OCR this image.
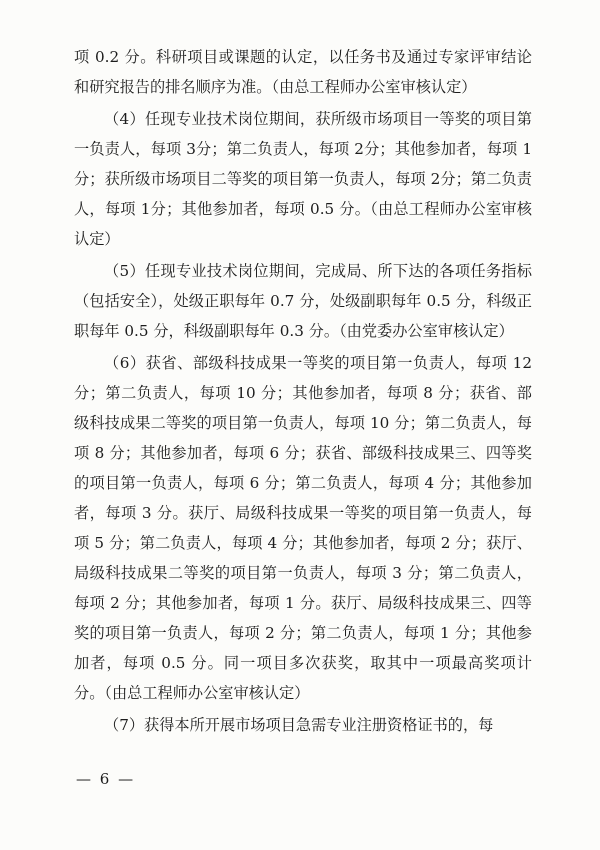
项 0.2 分。科研项目或课题的认定，以任务书及通过专家评审结论和研究报告的排名顺序为准。（由总工程师办公室审核认定）

（4）任现专业技术岗位期间，获所级市场项目一等奖的项目第一负责人，每项 3分；第二负责人，每项 2分；其他参加者，每项 1分；获所级市场项目二等奖的项目第一负责人，每项 2分；第二负责人，每项 1分；其他参加者，每项 0.5 分。（由总工程师办公室审核认定）

（5）任现专业技术岗位期间，完成局、所下达的各项任务指标（包括安全），处级正职每年 0.7 分，处级副职每年 0.5 分，科级正职每年 0.5 分，科级副职每年 0.3 分。（由党委办公室审核认定）

（6）获省、部级科技成果一等奖的项目第一负责人，每项 12 分；第二负责人，每项 10 分；其他参加者，每项 8 分；获省、部级科技成果二等奖的项目第一负责人，每项 10 分；第二负责人，每项 8 分；其他参加者，每项 6 分；获省、部级科技成果三、四等奖的项目第一负责人，每项 6 分；第二负责人，每项 4 分；其他参加者，每项 3 分。获厅、局级科技成果一等奖的项目第一负责人，每项 5 分；第二负责人，每项 4 分；其他参加者，每项 2 分；获厅、局级科技成果二等奖的项目第一负责人，每项 3 分；第二负责人，每项 2 分；其他参加者，每项 1 分。获厅、局级科技成果三、四等奖的项目第一负责人，每项 2 分；第二负责人，每项 1 分；其他参加者，每项 0.5 分。同一项目多次获奖，取其中一项最高奖项计分。（由总工程师办公室审核认定）

（7）获得本所开展市场项目急需专业注册资格证书的，每

— 6 —
